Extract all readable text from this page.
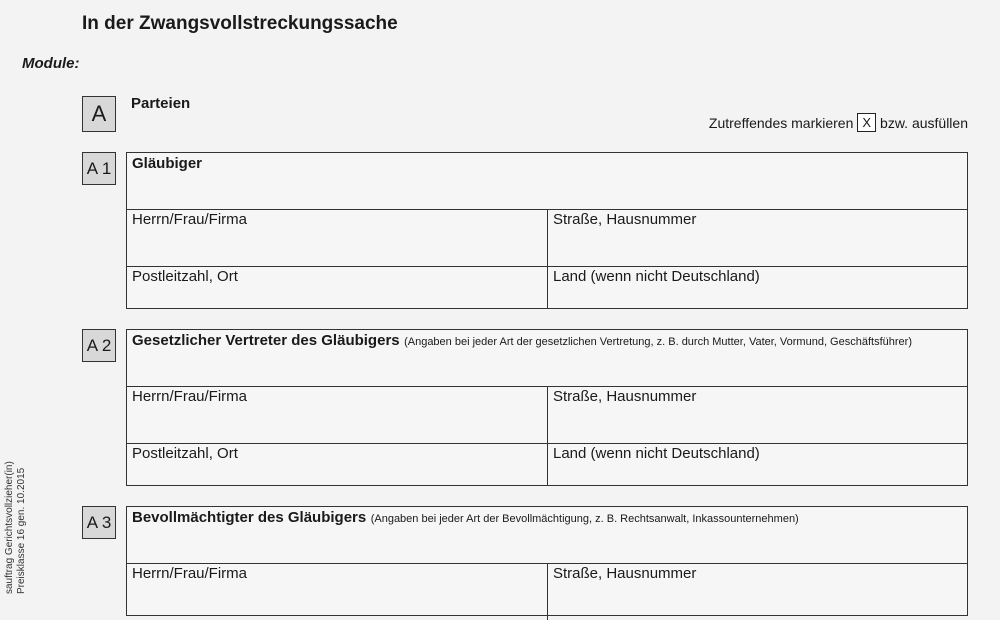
In der Zwangsvollstreckungssache
Module:
A	Parteien
Zutreffendes markieren X bzw. ausfüllen
A 1	Gläubiger
Herrn/Frau/Firma	Straße, Hausnummer
Postleitzahl, Ort	Land (wenn nicht Deutschland)
A 2	Gesetzlicher Vertreter des Gläubigers (Angaben bei jeder Art der gesetzlichen Vertretung, z. B. durch Mutter, Vater, Vormund, Geschäftsführer)
Herrn/Frau/Firma	Straße, Hausnummer
Postleitzahl, Ort	Land (wenn nicht Deutschland)
A 3	Bevollmächtigter des Gläubigers (Angaben bei jeder Art der Bevollmächtigung, z. B. Rechtsanwalt, Inkassounternehmen)
Herrn/Frau/Firma	Straße, Hausnummer
sauftrag Gerichtsvollzieher(in) Preisklasse 16 gen. 10.2015
